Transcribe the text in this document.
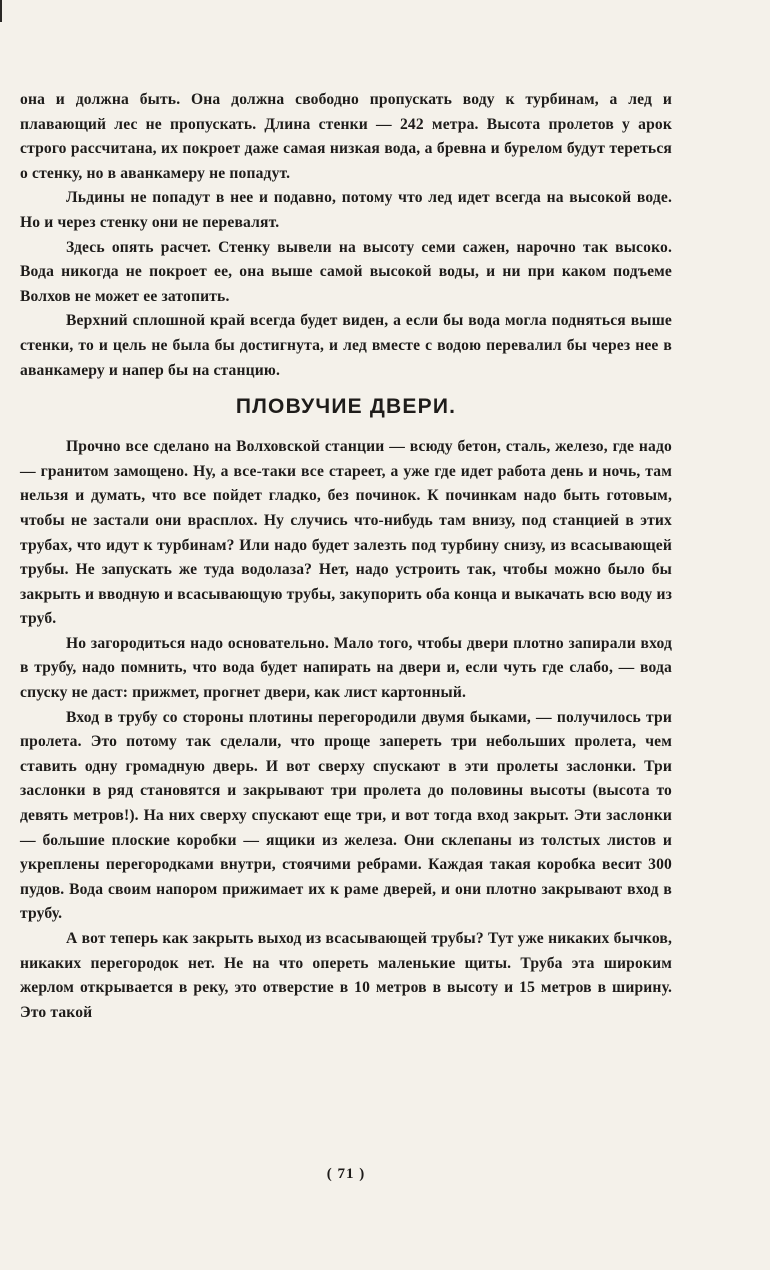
она и должна быть. Она должна свободно пропускать воду к турбинам, а лед и плавающий лес не пропускать. Длина стенки — 242 метра. Высота пролетов у арок строго рассчитана, их покроет даже самая низкая вода, а бревна и бурелом будут тереться о стенку, но в аванкамеру не попадут.

Льдины не попадут в нее и подавно, потому что лед идет всегда на высокой воде. Но и через стенку они не перевалят.

Здесь опять расчет. Стенку вывели на высоту семи сажен, нарочно так высоко. Вода никогда не покроет ее, она выше самой высокой воды, и ни при каком подъеме Волхов не может ее затопить.

Верхний сплошной край всегда будет виден, а если бы вода могла подняться выше стенки, то и цель не была бы достигнута, и лед вместе с водою перевалил бы через нее в аванкамеру и напер бы на станцию.

ПЛОВУЧИЕ ДВЕРИ.

Прочно все сделано на Волховской станции — всюду бетон, сталь, железо, где надо — гранитом замощено. Ну, а все-таки все стареет, а уже где идет работа день и ночь, там нельзя и думать, что все пойдет гладко, без починок. К починкам надо быть готовым, чтобы не застали они врасплох. Ну случись что-нибудь там внизу, под станцией в этих трубах, что идут к турбинам? Или надо будет залезть под турбину снизу, из всасывающей трубы. Не запускать же туда водолаза? Нет, надо устроить так, чтобы можно было бы закрыть и вводную и всасывающую трубы, закупорить оба конца и выкачать всю воду из труб.

Но загородиться надо основательно. Мало того, чтобы двери плотно запирали вход в трубу, надо помнить, что вода будет напирать на двери и, если чуть где слабо, — вода спуску не даст: прижмет, прогнет двери, как лист картонный.

Вход в трубу со стороны плотины перегородили двумя быками, — получилось три пролета. Это потому так сделали, что проще запереть три небольших пролета, чем ставить одну громадную дверь. И вот сверху спускают в эти пролеты заслонки. Три заслонки в ряд становятся и закрывают три пролета до половины высоты (высота то девять метров!). На них сверху спускают еще три, и вот тогда вход закрыт. Эти заслонки — большие плоские коробки — ящики из железа. Они склепаны из толстых листов и укреплены перегородками внутри, стоячими ребрами. Каждая такая коробка весит 300 пудов. Вода своим напором прижимает их к раме дверей, и они плотно закрывают вход в трубу.

А вот теперь как закрыть выход из всасывающей трубы? Тут уже никаких бычков, никаких перегородок нет. Не на что опереть маленькие щиты. Труба эта широким жерлом открывается в реку, это отверстие в 10 метров в высоту и 15 метров в ширину. Это такой

( 71 )
